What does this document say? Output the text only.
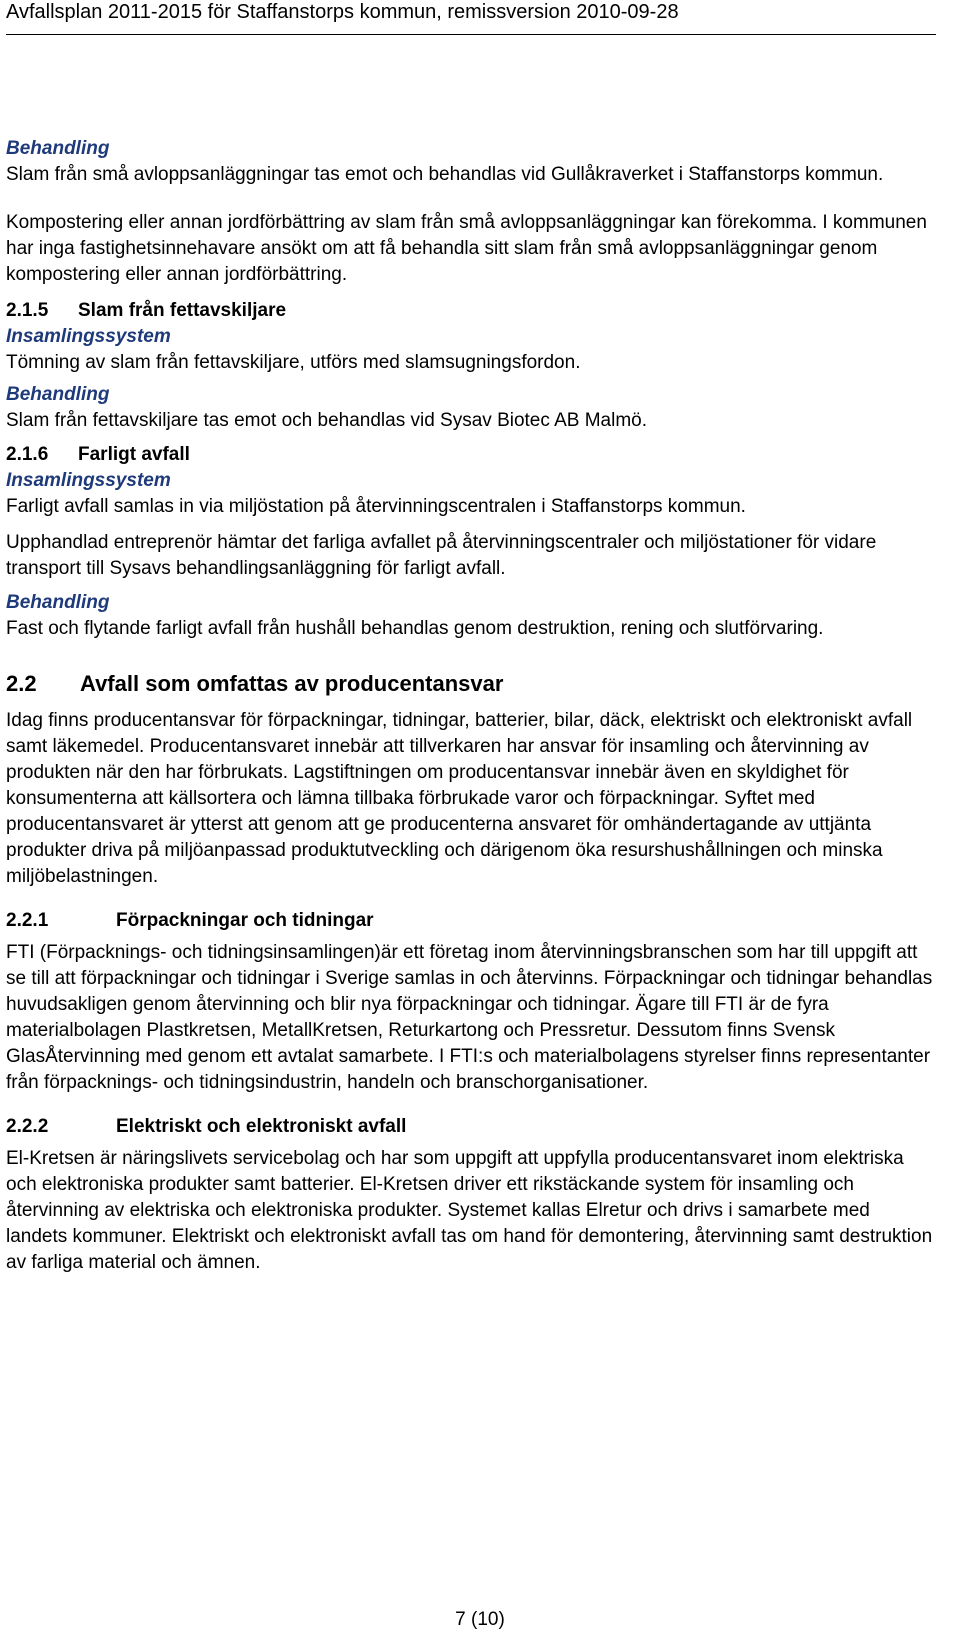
Avfallsplan 2011-2015 för Staffanstorps kommun, remissversion 2010-09-28
Behandling

Slam från små avloppsanläggningar tas emot och behandlas vid Gullåkraverket i Staffanstorps kommun.

Kompostering eller annan jordförbättring av slam från små avloppsanläggningar kan förekomma. I kommunen har inga fastighetsinnehavare ansökt om att få behandla sitt slam från små avloppsanläggningar genom kompostering eller annan jordförbättring.

2.1.5	Slam från fettavskiljare
Insamlingssystem

Tömning av slam från fettavskiljare, utförs med slamsugningsfordon.

Behandling

Slam från fettavskiljare tas emot och behandlas vid Sysav Biotec AB Malmö.

2.1.6	Farligt avfall
Insamlingssystem

Farligt avfall samlas in via miljöstation på återvinningscentralen i Staffanstorps kommun.

Upphandlad entreprenör hämtar det farliga avfallet på återvinningscentraler och miljöstationer för vidare transport till Sysavs behandlingsanläggning för farligt avfall.

Behandling

Fast och flytande farligt avfall från hushåll behandlas genom destruktion, rening och slutförvaring.

2.2	Avfall som omfattas av producentansvar

Idag finns producentansvar för förpackningar, tidningar, batterier, bilar, däck, elektriskt och elektroniskt avfall samt läkemedel. Producentansvaret innebär att tillverkaren har ansvar för insamling och återvinning av produkten när den har förbrukats. Lagstiftningen om producentansvar innebär även en skyldighet för konsumenterna att källsortera och lämna tillbaka förbrukade varor och förpackningar. Syftet med producentansvaret är ytterst att genom att ge producenterna ansvaret för omhändertagande av uttjänta produkter driva på miljöanpassad produktutveckling och därigenom öka resurshushållningen och minska miljöbelastningen.

2.2.1	Förpackningar och tidningar

FTI (Förpacknings- och tidningsinsamlingen)är ett företag inom återvinningsbranschen som har till uppgift att se till att förpackningar och tidningar i Sverige samlas in och återvinns. Förpackningar och tidningar behandlas huvudsakligen genom återvinning och blir nya förpackningar och tidningar. Ägare till FTI är de fyra materialbolagen Plastkretsen, MetallKretsen, Returkartong och Pressretur. Dessutom finns Svensk GlasÅtervinning med genom ett avtalat samarbete. I FTI:s och materialbolagens styrelser finns representanter från förpacknings- och tidningsindustrin, handeln och branschorganisationer.

2.2.2	Elektriskt och elektroniskt avfall

El-Kretsen är näringslivets servicebolag och har som uppgift att uppfylla producentansvaret inom elektriska och elektroniska produkter samt batterier. El-Kretsen driver ett rikstäckande system för insamling och återvinning av elektriska och elektroniska produkter. Systemet kallas Elretur och drivs i samarbete med landets kommuner. Elektriskt och elektroniskt avfall tas om hand för demontering, återvinning samt destruktion av farliga material och ämnen.

7 (10)
